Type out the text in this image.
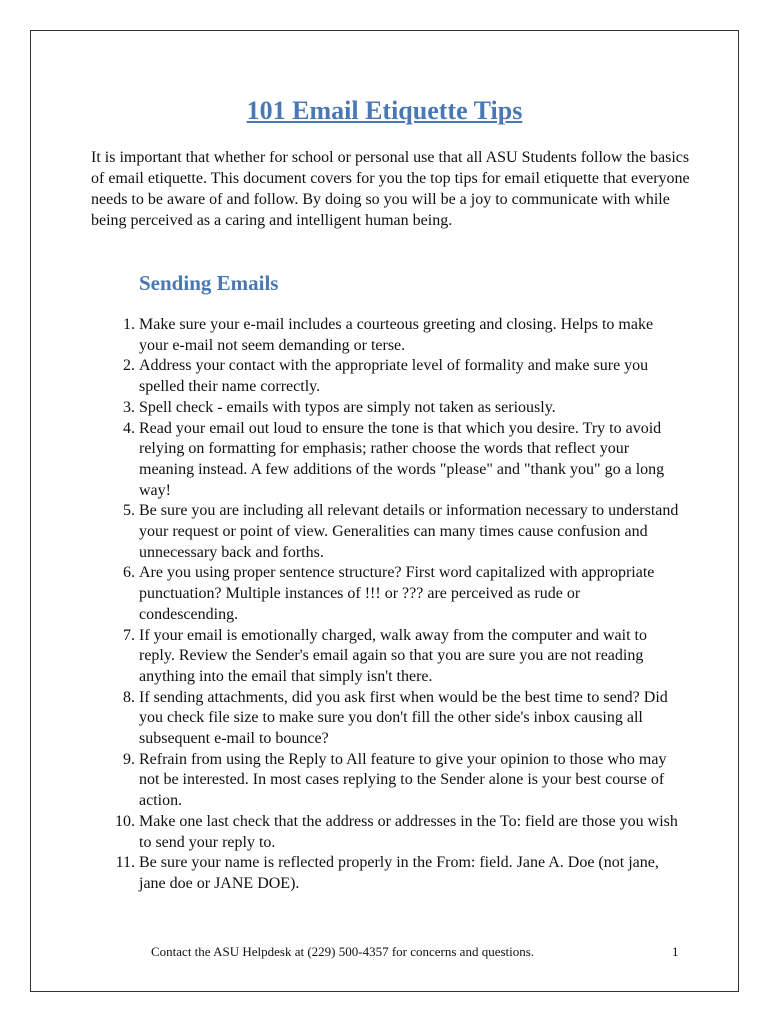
101 Email Etiquette Tips

It is important that whether for school or personal use that all ASU Students follow the basics of email etiquette. This document covers for you the top tips for email etiquette that everyone needs to be aware of and follow. By doing so you will be a joy to communicate with while being perceived as a caring and intelligent human being.

Sending Emails
1. Make sure your e-mail includes a courteous greeting and closing. Helps to make your e-mail not seem demanding or terse.
2. Address your contact with the appropriate level of formality and make sure you spelled their name correctly.
3. Spell check - emails with typos are simply not taken as seriously.
4. Read your email out loud to ensure the tone is that which you desire. Try to avoid relying on formatting for emphasis; rather choose the words that reflect your meaning instead. A few additions of the words "please" and "thank you" go a long way!
5. Be sure you are including all relevant details or information necessary to understand your request or point of view. Generalities can many times cause confusion and unnecessary back and forths.
6. Are you using proper sentence structure? First word capitalized with appropriate punctuation? Multiple instances of !!! or ??? are perceived as rude or condescending.
7. If your email is emotionally charged, walk away from the computer and wait to reply. Review the Sender's email again so that you are sure you are not reading anything into the email that simply isn't there.
8. If sending attachments, did you ask first when would be the best time to send? Did you check file size to make sure you don't fill the other side's inbox causing all subsequent e-mail to bounce?
9. Refrain from using the Reply to All feature to give your opinion to those who may not be interested. In most cases replying to the Sender alone is your best course of action.
10. Make one last check that the address or addresses in the To: field are those you wish to send your reply to.
11. Be sure your name is reflected properly in the From: field. Jane A. Doe (not jane, jane doe or JANE DOE).
Contact the ASU Helpdesk at (229) 500-4357 for concerns and questions.	1
